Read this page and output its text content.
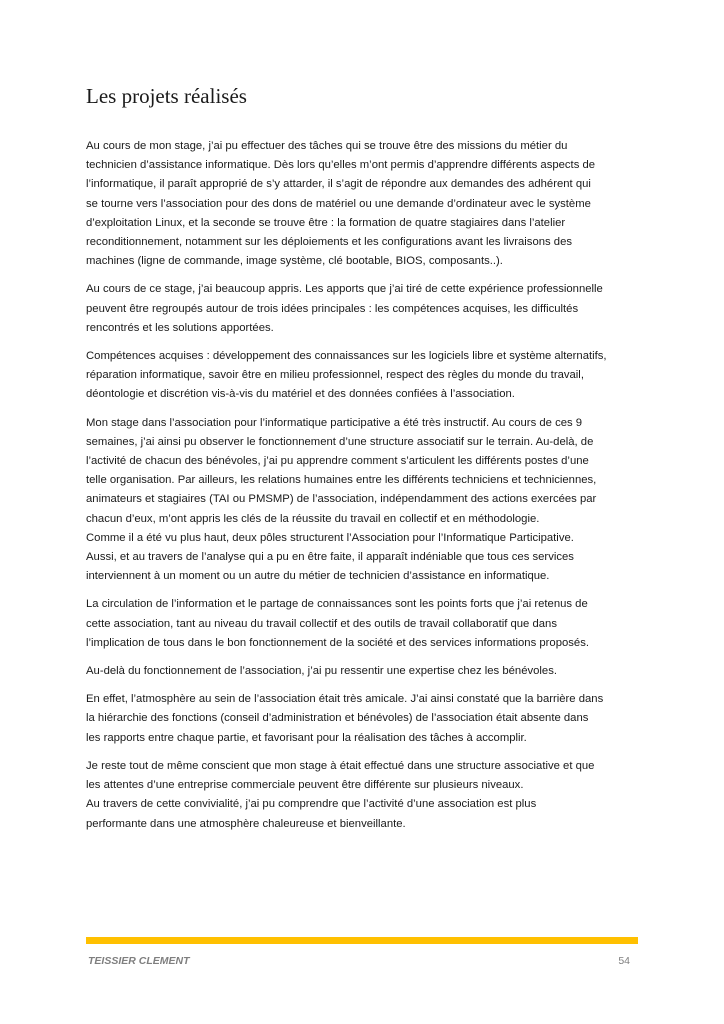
Les projets réalisés

Au cours de mon stage, j’ai pu effectuer des tâches qui se trouve être des missions du métier du
technicien d’assistance informatique. Dès lors qu’elles m’ont permis d’apprendre différents aspects de
l’informatique, il paraît approprié de s’y attarder, il s’agit de répondre aux demandes des adhérent qui
se tourne vers l’association pour des dons de matériel ou une demande d’ordinateur avec le système
d’exploitation Linux, et la seconde se trouve être : la formation de quatre stagiaires dans l’atelier
reconditionnement, notamment sur les déploiements et les configurations avant les livraisons des
machines (ligne de commande, image système, clé bootable, BIOS, composants..).

Au cours de ce stage, j’ai beaucoup appris. Les apports que j’ai tiré de cette expérience professionnelle
peuvent être regroupés autour de trois idées principales : les compétences acquises, les difficultés
rencontrés et les solutions apportées.

Compétences acquises : développement des connaissances sur les logiciels libre et système alternatifs,
réparation informatique, savoir être en milieu professionnel, respect des règles du monde du travail,
déontologie et discrétion vis-à-vis du matériel et des données confiées à l’association.

Mon stage dans l’association pour l’informatique participative a été très instructif. Au cours de ces 9
semaines, j’ai ainsi pu observer le fonctionnement d’une structure associatif sur le terrain. Au-delà, de
l’activité de chacun des bénévoles, j’ai pu apprendre comment s’articulent les différents postes d’une
telle organisation. Par ailleurs, les relations humaines entre les différents techniciens et techniciennes,
animateurs et stagiaires (TAI ou PMSMP) de l’association, indépendamment des actions exercées par
chacun d’eux, m’ont appris les clés de la réussite du travail en collectif et en méthodologie.
Comme il a été vu plus haut, deux pôles structurent l’Association pour l’Informatique Participative.
Aussi, et au travers de l’analyse qui a pu en être faite, il apparaît indéniable que tous ces services
interviennent à un moment ou un autre du métier de technicien d’assistance en informatique.

La circulation de l’information et le partage de connaissances sont les points forts que j’ai retenus de
cette association, tant au niveau du travail collectif et des outils de travail collaboratif que dans
l’implication de tous dans le bon fonctionnement de la société et des services informations proposés.

Au-delà du fonctionnement de l’association, j’ai pu ressentir une expertise chez les bénévoles.

En effet, l’atmosphère au sein de l’association était très amicale. J’ai ainsi constaté que la barrière dans
la hiérarchie des fonctions (conseil d’administration et bénévoles) de l’association était absente dans
les rapports entre chaque partie, et favorisant pour la réalisation des tâches à accomplir.

Je reste tout de même conscient que mon stage à était effectué dans une structure associative et que
les attentes d’une entreprise commerciale peuvent être différente sur plusieurs niveaux.
Au travers de cette convivialité, j’ai pu comprendre que l’activité d’une association est plus
performante dans une atmosphère chaleureuse et bienveillante.

TEISSIER CLEMENT	54
